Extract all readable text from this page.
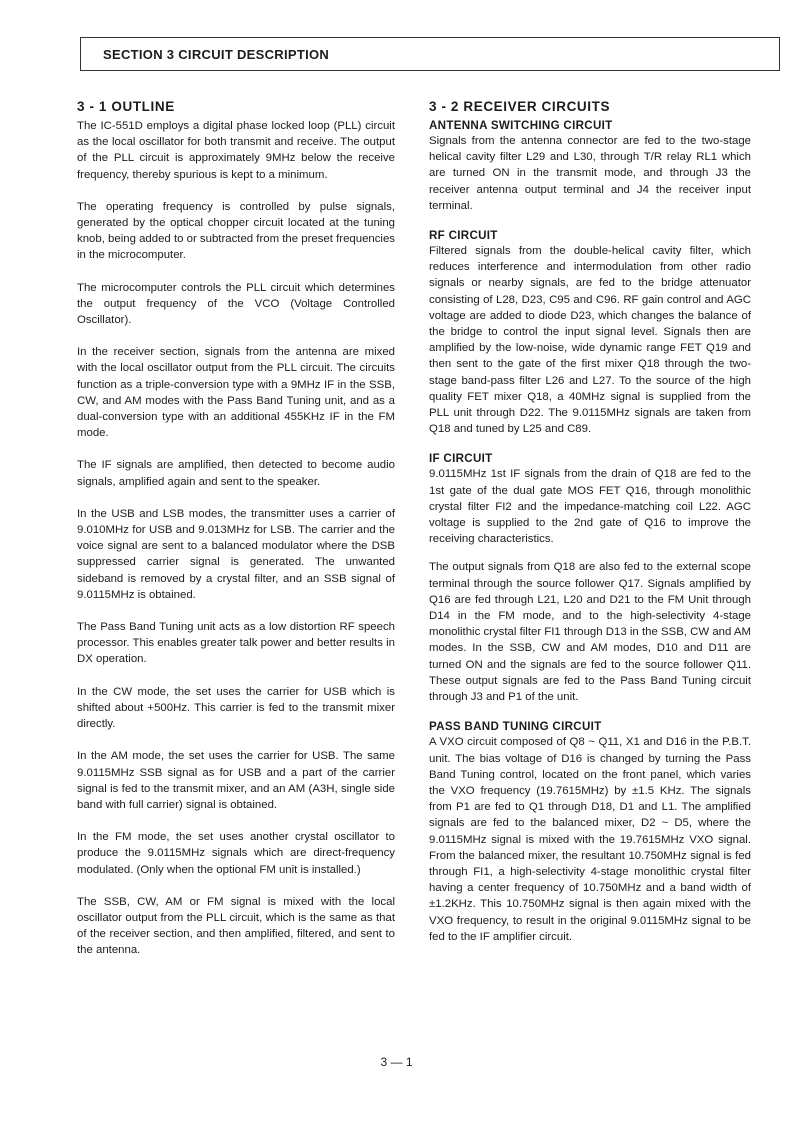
SECTION 3 CIRCUIT DESCRIPTION
3 - 1 OUTLINE

The IC-551D employs a digital phase locked loop (PLL) circuit as the local oscillator for both transmit and receive. The output of the PLL circuit is approximately 9MHz below the receive frequency, thereby spurious is kept to a minimum.

The operating frequency is controlled by pulse signals, generated by the optical chopper circuit located at the tuning knob, being added to or subtracted from the preset frequencies in the microcomputer.

The microcomputer controls the PLL circuit which determines the output frequency of the VCO (Voltage Controlled Oscillator).

In the receiver section, signals from the antenna are mixed with the local oscillator output from the PLL circuit. The circuits function as a triple-conversion type with a 9MHz IF in the SSB, CW, and AM modes with the Pass Band Tuning unit, and as a dual-conversion type with an additional 455KHz IF in the FM mode.

The IF signals are amplified, then detected to become audio signals, amplified again and sent to the speaker.

In the USB and LSB modes, the transmitter uses a carrier of 9.010MHz for USB and 9.013MHz for LSB. The carrier and the voice signal are sent to a balanced modulator where the DSB suppressed carrier signal is generated. The unwanted sideband is removed by a crystal filter, and an SSB signal of 9.0115MHz is obtained.

The Pass Band Tuning unit acts as a low distortion RF speech processor. This enables greater talk power and better results in DX operation.

In the CW mode, the set uses the carrier for USB which is shifted about +500Hz. This carrier is fed to the transmit mixer directly.

In the AM mode, the set uses the carrier for USB. The same 9.0115MHz SSB signal as for USB and a part of the carrier signal is fed to the transmit mixer, and an AM (A3H, single side band with full carrier) signal is obtained.

In the FM mode, the set uses another crystal oscillator to produce the 9.0115MHz signals which are direct-frequency modulated. (Only when the optional FM unit is installed.)

The SSB, CW, AM or FM signal is mixed with the local oscillator output from the PLL circuit, which is the same as that of the receiver section, and then amplified, filtered, and sent to the antenna.

3 - 2 RECEIVER CIRCUITS
ANTENNA SWITCHING CIRCUIT

Signals from the antenna connector are fed to the two-stage helical cavity filter L29 and L30, through T/R relay RL1 which are turned ON in the transmit mode, and through J3 the receiver antenna output terminal and J4 the receiver input terminal.

RF CIRCUIT

Filtered signals from the double-helical cavity filter, which reduces interference and intermodulation from other radio signals or nearby signals, are fed to the bridge attenuator consisting of L28, D23, C95 and C96. RF gain control and AGC voltage are added to diode D23, which changes the balance of the bridge to control the input signal level. Signals then are amplified by the low-noise, wide dynamic range FET Q19 and then sent to the gate of the first mixer Q18 through the two- stage band-pass filter L26 and L27. To the source of the high quality FET mixer Q18, a 40MHz signal is supplied from the PLL unit through D22. The 9.0115MHz signals are taken from Q18 and tuned by L25 and C89.

IF CIRCUIT

9.0115MHz 1st IF signals from the drain of Q18 are fed to the 1st gate of the dual gate MOS FET Q16, through monolithic crystal filter FI2 and the impedance-matching coil L22. AGC voltage is supplied to the 2nd gate of Q16 to improve the receiving characteristics.

The output signals from Q18 are also fed to the external scope terminal through the source follower Q17. Signals amplified by Q16 are fed through L21, L20 and D21 to the FM Unit through D14 in the FM mode, and to the high-selectivity 4-stage monolithic crystal filter FI1 through D13 in the SSB, CW and AM modes. In the SSB, CW and AM modes, D10 and D11 are turned ON and the signals are fed to the source follower Q11. These output signals are fed to the Pass Band Tuning circuit through J3 and P1 of the unit.

PASS BAND TUNING CIRCUIT

A VXO circuit composed of Q8 ~ Q11, X1 and D16 in the P.B.T. unit. The bias voltage of D16 is changed by turning the Pass Band Tuning control, located on the front panel, which varies the VXO frequency (19.7615MHz) by ±1.5 KHz. The signals from P1 are fed to Q1 through D18, D1 and L1. The amplified signals are fed to the balanced mixer, D2 ~ D5, where the 9.0115MHz signal is mixed with the 19.7615MHz VXO signal. From the balanced mixer, the resultant 10.750MHz signal is fed through FI1, a high-selectivity 4-stage monolithic crystal filter having a center frequency of 10.750MHz and a band width of ±1.2KHz. This 10.750MHz signal is then again mixed with the VXO frequency, to result in the original 9.0115MHz signal to be fed to the IF amplifier circuit.

3 — 1
